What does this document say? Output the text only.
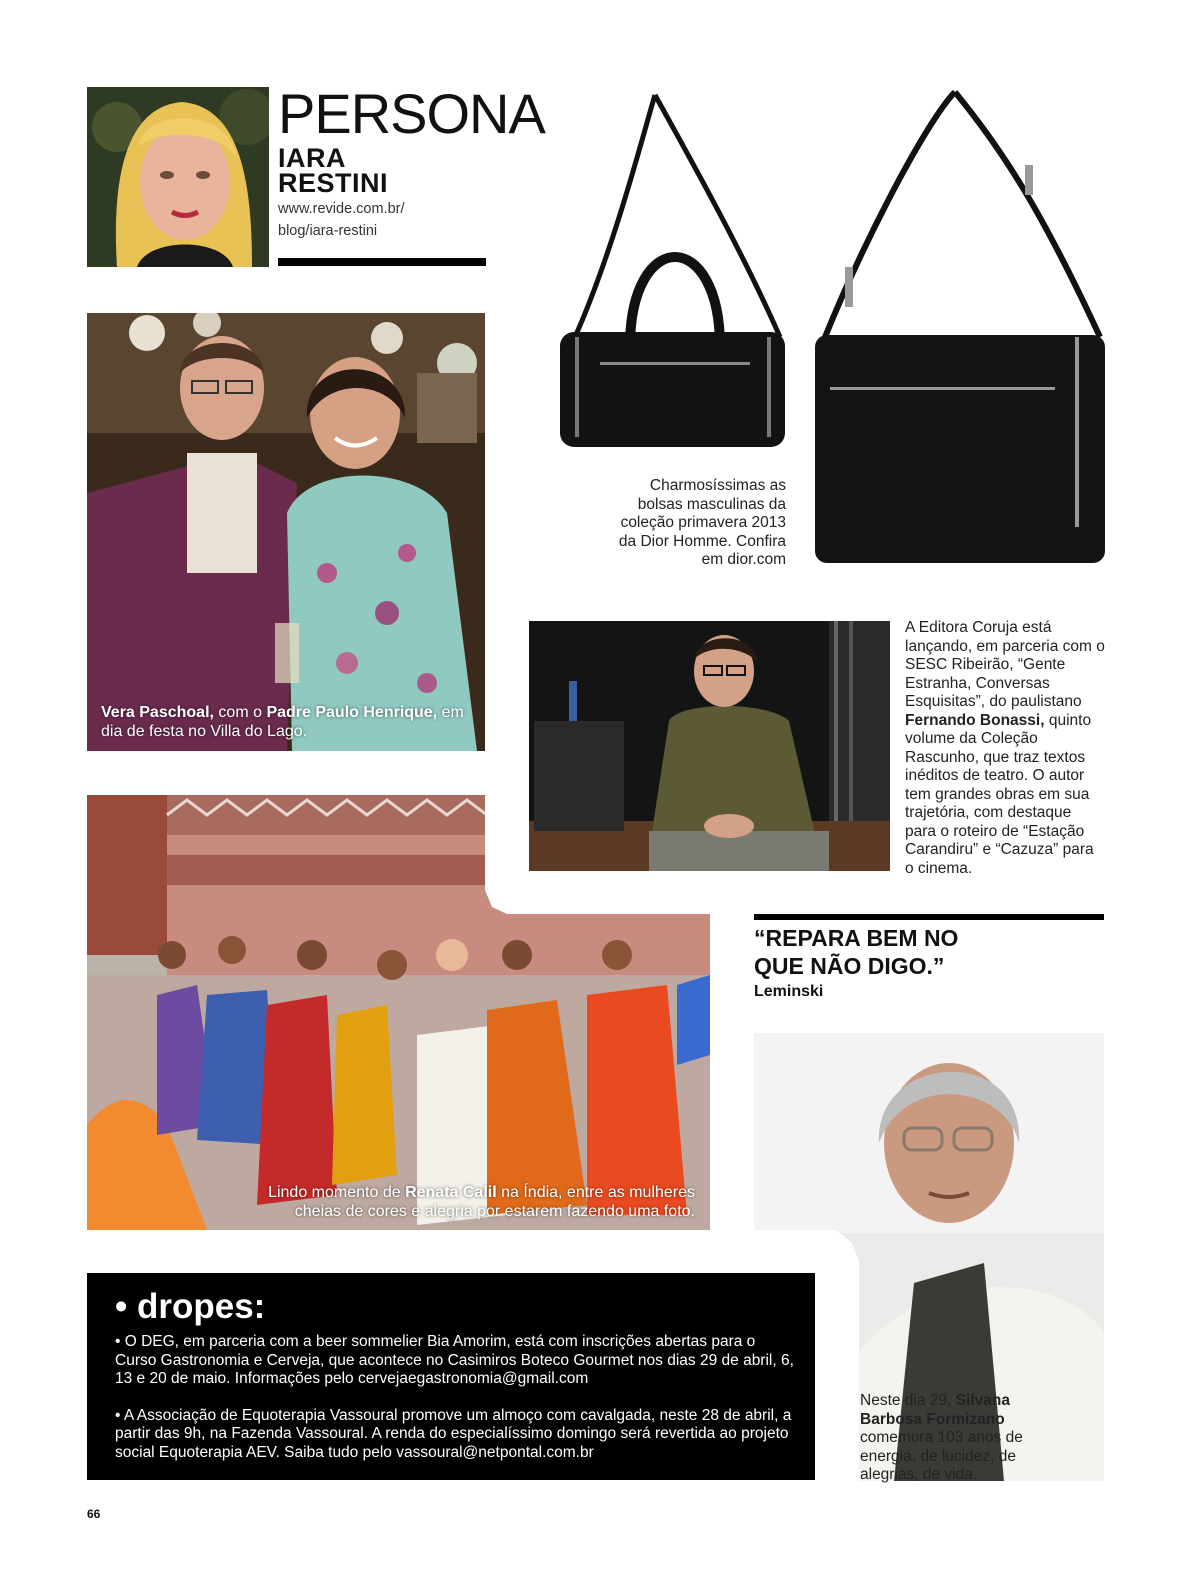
PERSONA
IARA
RESTINI
www.revide.com.br/
blog/iara-restini
Vera Paschoal, com o Padre Paulo Henrique, em dia de festa no Villa do Lago.
Charmosíssimas as bolsas masculinas da coleção primavera 2013 da Dior Homme. Confira em dior.com
A Editora Coruja está lançando, em parceria com o SESC Ribeirão, “Gente Estranha, Conversas Esquisitas”, do paulistano Fernando Bonassi, quinto volume da Coleção Rascunho, que traz textos inéditos de teatro. O autor tem grandes obras em sua trajetória, com destaque para o roteiro de “Estação Carandiru” e “Cazuza” para o cinema.
Lindo momento de Renata Calil na Índia, entre as mulheres cheias de cores e alegria por estarem fazendo uma foto.
“REPARA BEM NO QUE NÃO DIGO.”
Leminski
Neste dia 29, Silvana Barbosa Formizano comemora 103 anos de energia, de lucidez, de alegrias, de vida.
• dropes:
• O DEG, em parceria com a beer sommelier Bia Amorim, está com inscrições abertas para o Curso Gastronomia e Cerveja, que acontece no Casimiros Boteco Gourmet nos dias 29 de abril, 6, 13 e 20 de maio. Informações pelo cervejaegastronomia@gmail.com
• A Associação de Equoterapia Vassoural promove um almoço com cavalgada, neste 28 de abril, a partir das 9h, na Fazenda Vassoural. A renda do especialíssimo domingo será revertida ao projeto social Equoterapia AEV. Saiba tudo pelo vassoural@netpontal.com.br
66
